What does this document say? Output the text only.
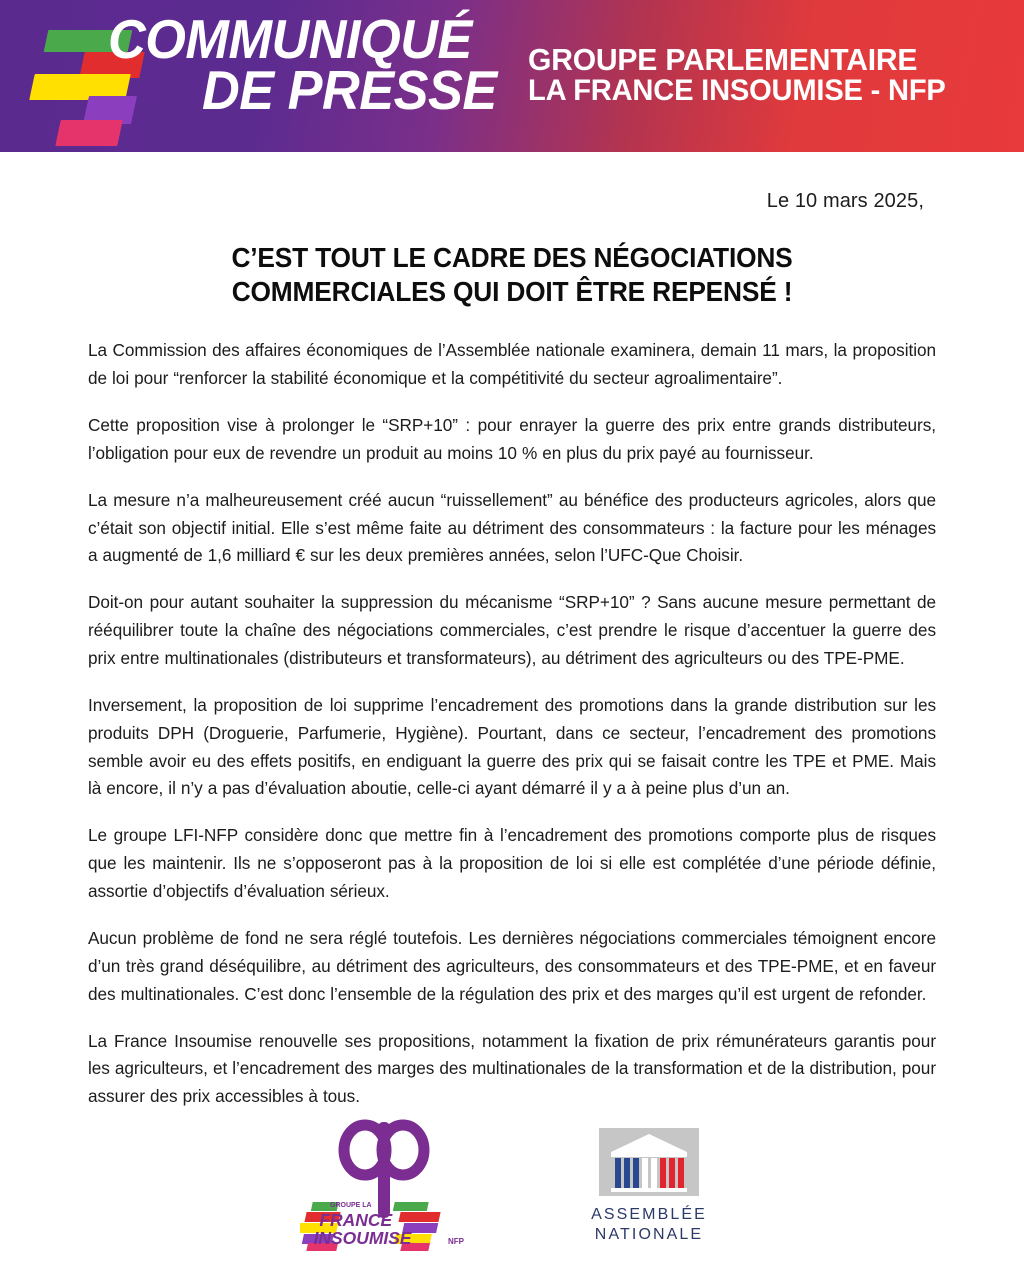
COMMUNIQUÉ
DE PRESSE GROUPE PARLEMENTAIRE
LA FRANCE INSOUMISE - NFP
Le 10 mars 2025,
C’EST TOUT LE CADRE DES NÉGOCIATIONS
COMMERCIALES QUI DOIT ÊTRE REPENSÉ !

La Commission des affaires économiques de l’Assemblée nationale examinera, demain 11 mars, la proposition de loi pour “renforcer la stabilité économique et la compétitivité du secteur agroalimentaire”.

Cette proposition vise à prolonger le “SRP+10” : pour enrayer la guerre des prix entre grands distributeurs, l’obligation pour eux de revendre un produit au moins 10 % en plus du prix payé au fournisseur.

La mesure n’a malheureusement créé aucun “ruissellement” au bénéfice des producteurs agricoles, alors que c’était son objectif initial. Elle s’est même faite au détriment des consommateurs : la facture pour les ménages a augmenté de 1,6 milliard € sur les deux premières années, selon l’UFC-Que Choisir.

Doit-on pour autant souhaiter la suppression du mécanisme “SRP+10” ? Sans aucune mesure permettant de rééquilibrer toute la chaîne des négociations commerciales, c’est prendre le risque d’accentuer la guerre des prix entre multinationales (distributeurs et transformateurs), au détriment des agriculteurs ou des TPE-PME.

Inversement, la proposition de loi supprime l’encadrement des promotions dans la grande distribution sur les produits DPH (Droguerie, Parfumerie, Hygiène). Pourtant, dans ce secteur, l’encadrement des promotions semble avoir eu des effets positifs, en endiguant la guerre des prix qui se faisait contre les TPE et PME. Mais là encore, il n’y a pas d’évaluation aboutie, celle-ci ayant démarré il y a à peine plus d’un an.

Le groupe LFI-NFP considère donc que mettre fin à l’encadrement des promotions comporte plus de risques que les maintenir. Ils ne s’opposeront pas à la proposition de loi si elle est complétée d’une période définie, assortie d’objectifs d’évaluation sérieux.

Aucun problème de fond ne sera réglé toutefois. Les dernières négociations commerciales témoignent encore d’un très grand déséquilibre, au détriment des agriculteurs, des consommateurs et des TPE-PME, et en faveur des multinationales. C’est donc l’ensemble de la régulation des prix et des marges qu’il est urgent de refonder.

La France Insoumise renouvelle ses propositions, notamment la fixation de prix rémunérateurs garantis pour les agriculteurs, et l’encadrement des marges des multinationales de la transformation et de la distribution, pour assurer des prix accessibles à tous.

GROUPE LA
FRANCE
INSOUMISE	NFP
ASSEMBLÉE
NATIONALE
